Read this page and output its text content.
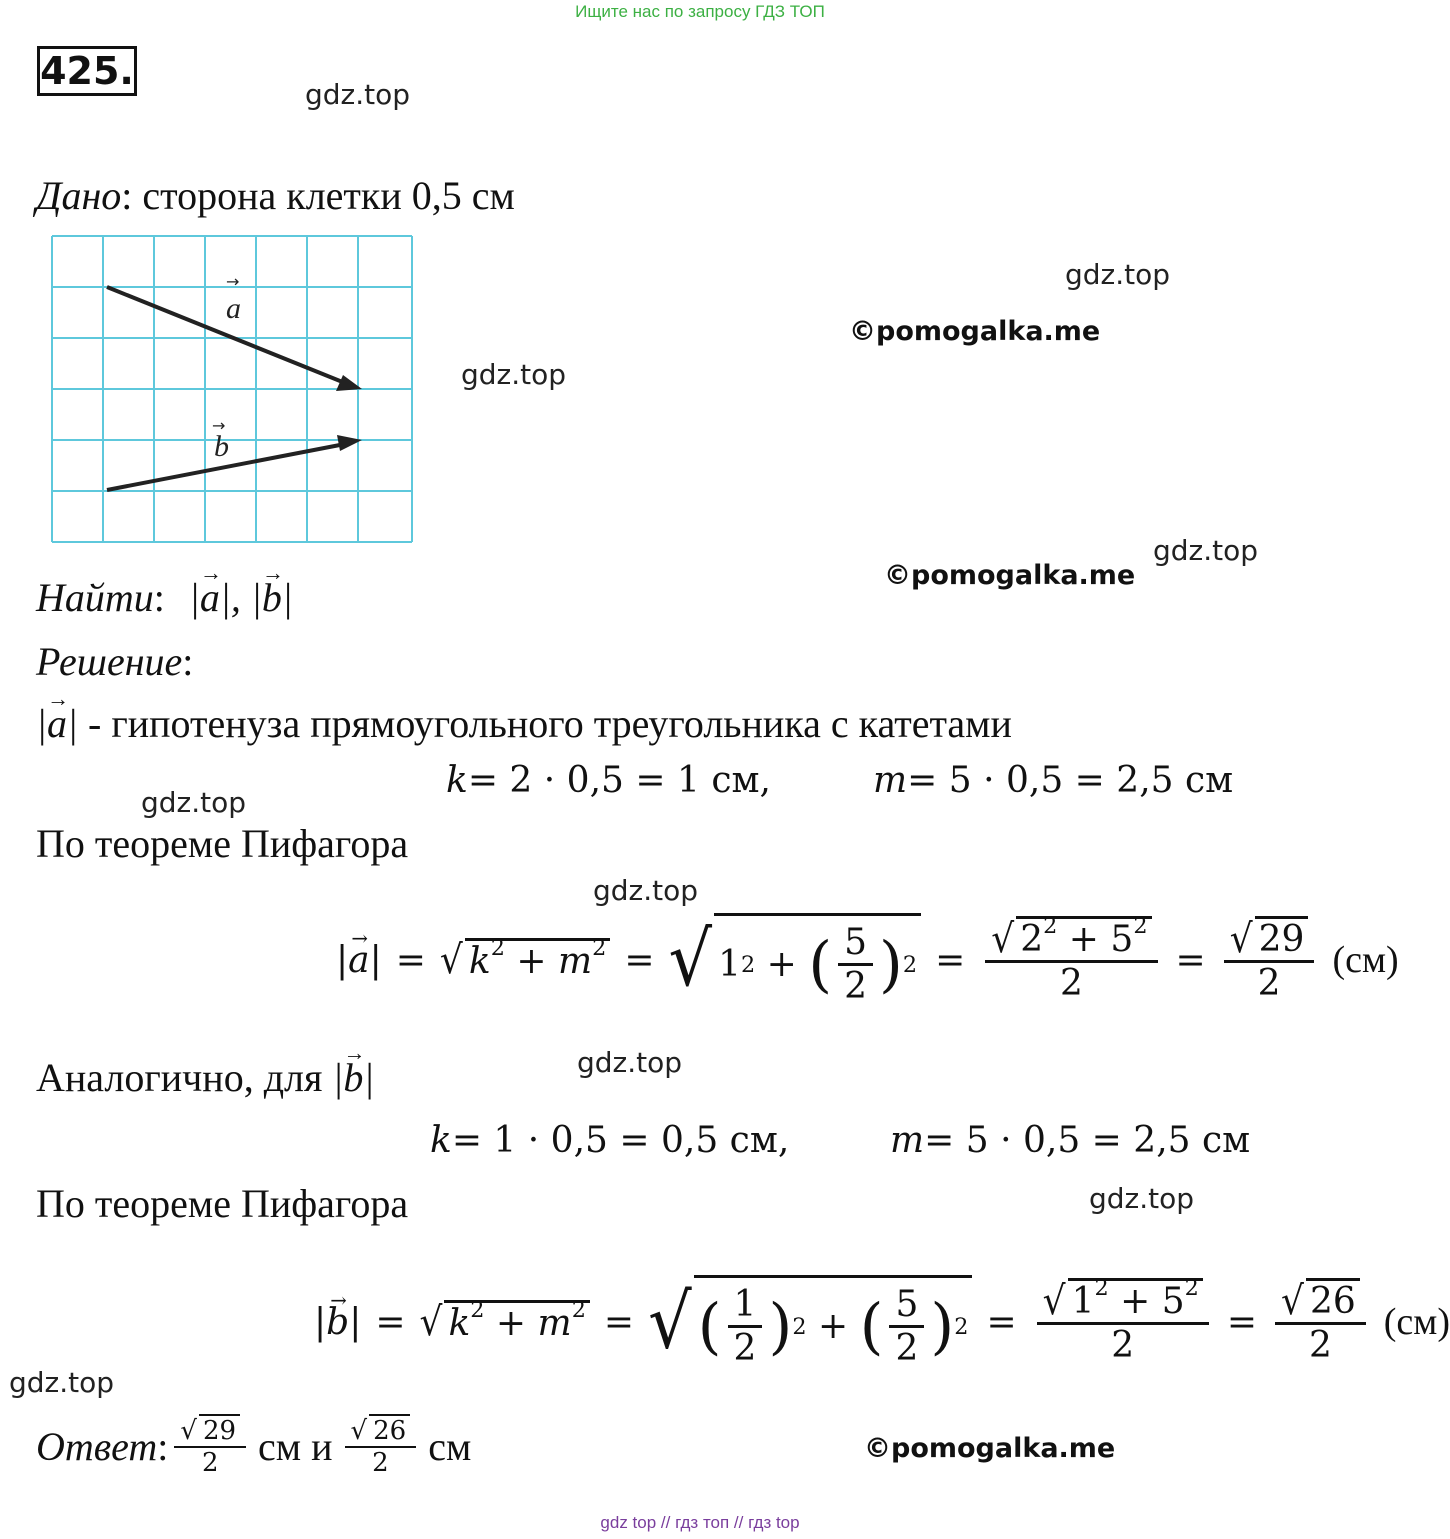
Ищите нас по запросу ГДЗ ТОП
425.
gdz.top
gdz.top
gdz.top
gdz.top
gdz.top
gdz.top
gdz.top
gdz.top
gdz.top
©pomogalka.me
©pomogalka.me
©pomogalka.me
Дано: сторона клетки 0,5 см
a
→
b
→
Найти: |a →|, |b →|
Решение:
|a →| - гипотенуза прямоугольного треугольника с катетами
k = 2 · 0,5 = 1 см,	m = 5 · 0,5 = 2,5 см
По теореме Пифагора
|a →| = √ $k^2 + m^2$ = √ 1 2 + ( $\frac{5}{2}$ ) $2 = \frac{√ 2^2 + 5^2}{2} = \frac{√ 29}{2} (см)$
Аналогично, для |b →|
k = 1 · 0,5 = 0,5 см,	m = 5 · 0,5 = 2,5 см
По теореме Пифагора
|b →| = √ $k^2 + m^2$ = √ ( $\frac{1}{2}$ ) 2 + ( $\frac{5}{2}$ ) $2 = \frac{√ 1^2 + 5^2}{2} = \frac{√ 26}{2} (см)$
Ответ : $\frac{√ 29}{2}$ см и $\frac{√ 26}{2}$ см
gdz top // гдз топ // гдз top
